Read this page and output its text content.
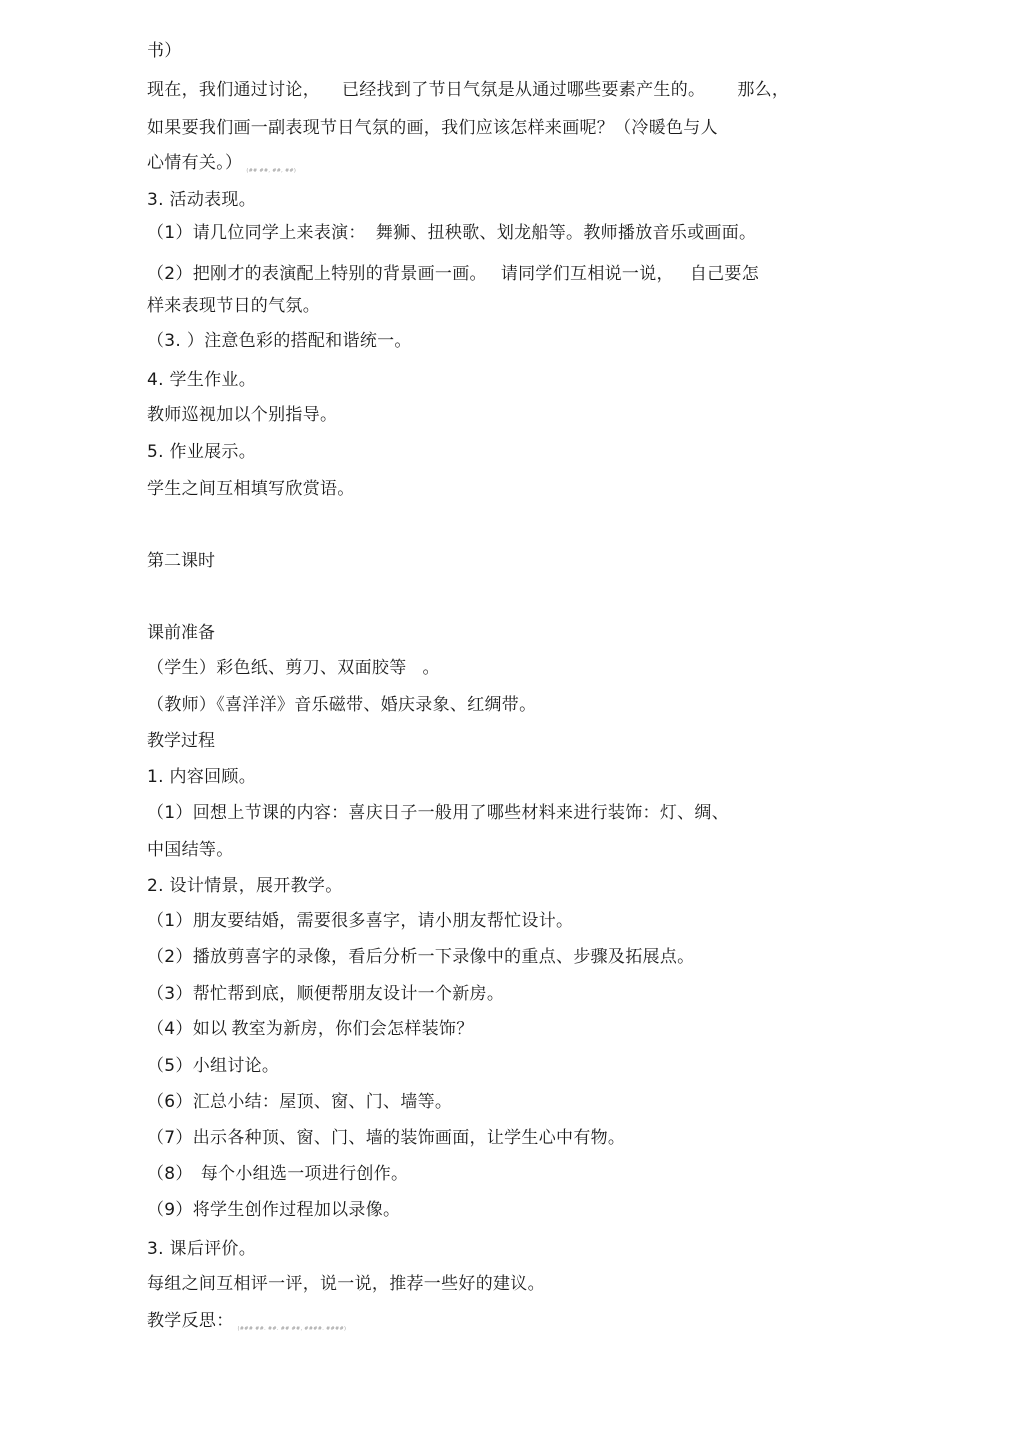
书）
现在，我们通过讨论， 已经找到了节日气氛是从通过哪些要素产生的。 那么，
如果要我们画一副表现节日气氛的画，我们应该怎样来画呢？（冷暖色与人
心情有关。） (## ##, ##, ##)
3. 活动表现。
（1）请几位同学上来表演： 舞狮、扭秧歌、划龙船等。教师播放音乐或画面。
（2）把刚才的表演配上特别的背景画一画。 请同学们互相说一说， 自己要怎
样来表现节日的气氛。
（3. ）注意色彩的搭配和谐统一。
4. 学生作业。
教师巡视加以个别指导。
5. 作业展示。
学生之间互相填写欣赏语。
第二课时
课前准备
（学生）彩色纸、剪刀、双面胶等 。
（教师）《喜洋洋》音乐磁带、婚庆录象、红绸带。
教学过程
1. 内容回顾。
（1）回想上节课的内容：喜庆日子一般用了哪些材料来进行装饰：灯、绸、
中国结等。
2. 设计情景，展开教学。
（1）朋友要结婚，需要很多喜字，请小朋友帮忙设计。
（2）播放剪喜字的录像，看后分析一下录像中的重点、步骤及拓展点。
（3）帮忙帮到底，顺便帮朋友设计一个新房。
（4）如以 教室为新房，你们会怎样装饰？
（5）小组讨论。
（6）汇总小结：屋顶、窗、门、墙等。
（7）出示各种顶、窗、门、墙的装饰画面，让学生心中有物。
（8） 每个小组选一项进行创作。
（9）将学生创作过程加以录像。
3. 课后评价。
每组之间互相评一评，说一说，推荐一些好的建议。
教学反思： (### ##. ##. ## ##, ####. ####)
